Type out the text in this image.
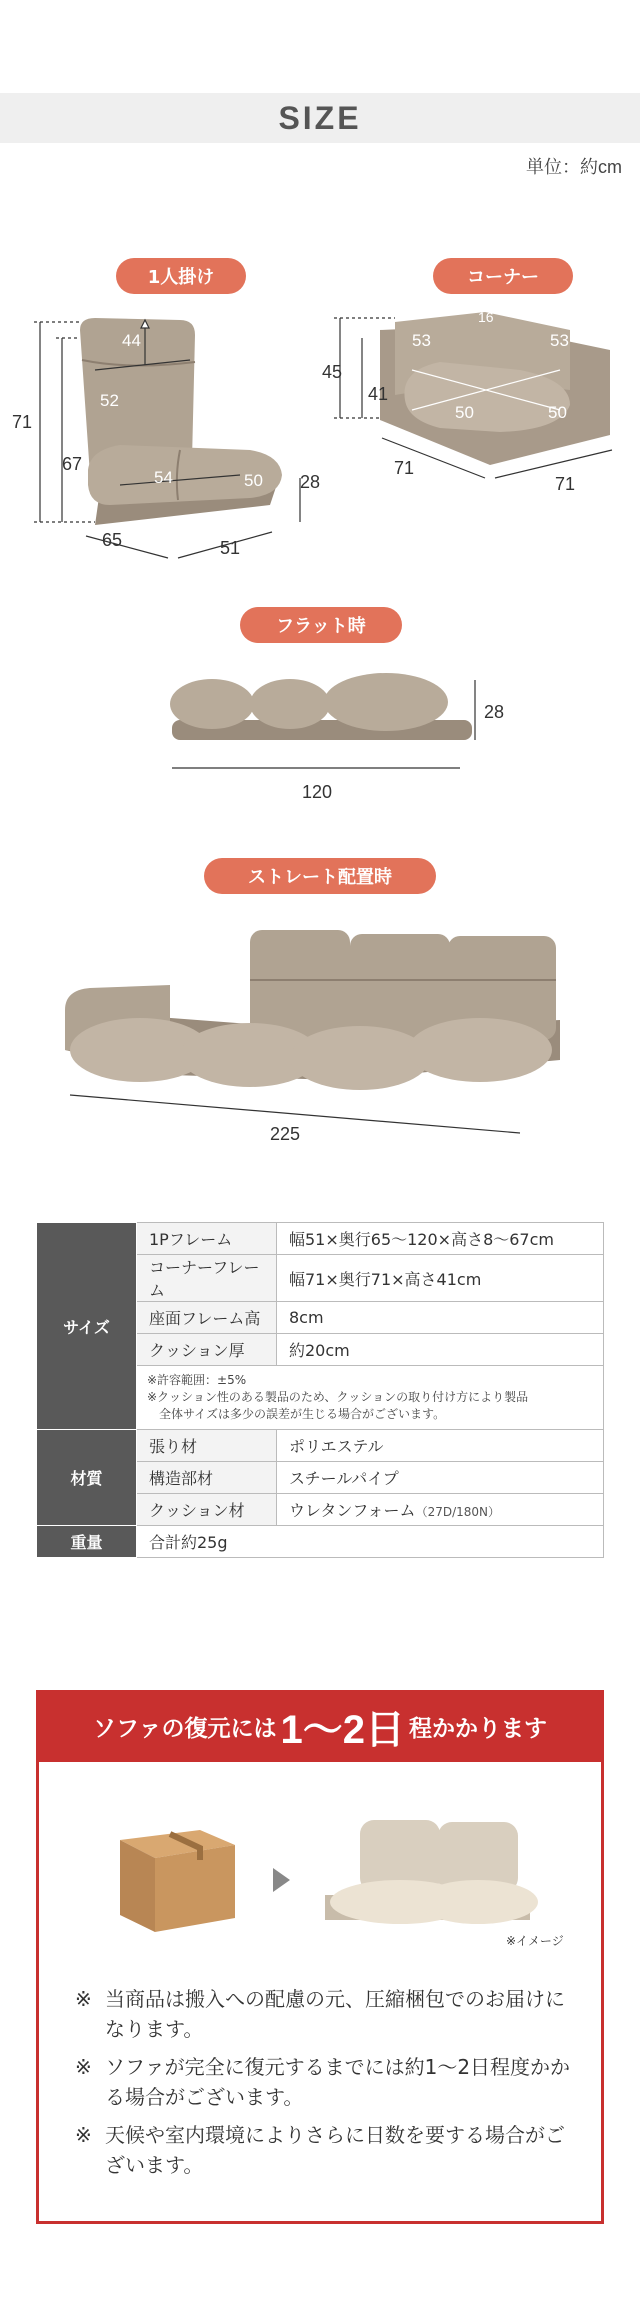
SIZE
単位：約cm
1人掛け	コーナー
フラット時
ストレート配置時
44
52
71
67
54	50 28
65	51
53
16
53
45
41
50	50
71
71
28
120
225
サイズ	1Pフレーム	幅51×奥行65〜120×高さ8〜67cm
	コーナーフレーム	幅71×奥行71×高さ41cm
	座面フレーム高	8cm
	クッション厚	約20cm

	※許容範囲：±5%
※クッション性のある製品のため、クッションの取り付け方により製品
全体サイズは多少の誤差が生じる場合がございます。	

材質	張り材	ポリエステル
	構造部材	スチールパイプ
	クッション材	ウレタンフォーム（27D/180N）
重量	合計約25g	
ソファの復元には 1〜2日 程かかります
※イメージ
※ 当商品は搬入への配慮の元、圧縮梱包でのお届けになります。
※ ソファが完全に復元するまでには約1〜2日程度かかる場合がございます。
※ 天候や室内環境によりさらに日数を要する場合がございます。
